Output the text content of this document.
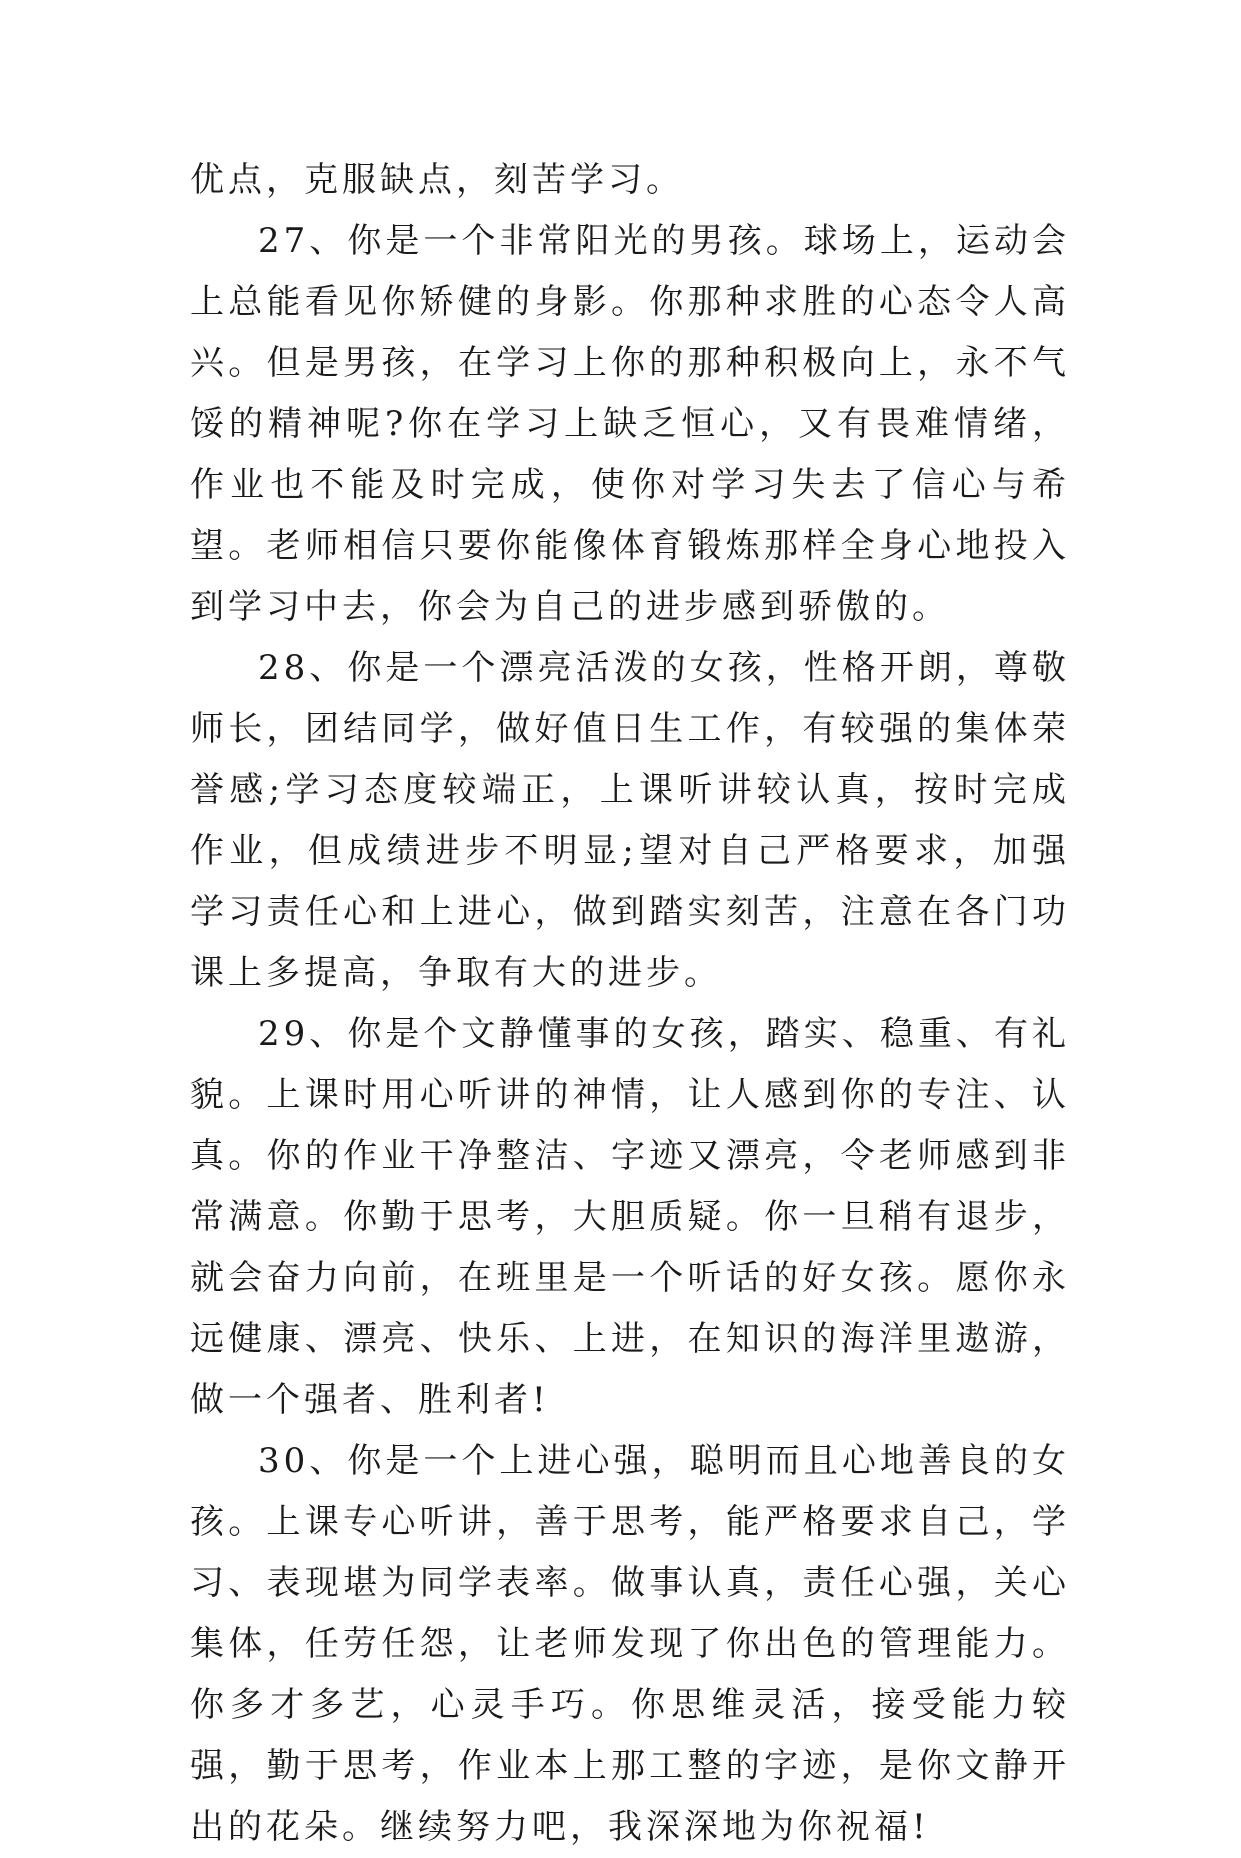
优点，克服缺点，刻苦学习。

27、你是一个非常阳光的男孩。球场上，运动会上总能看见你矫健的身影。你那种求胜的心态令人高兴。但是男孩，在学习上你的那种积极向上，永不气馁的精神呢?你在学习上缺乏恒心，又有畏难情绪，作业也不能及时完成，使你对学习失去了信心与希望。老师相信只要你能像体育锻炼那样全身心地投入到学习中去，你会为自己的进步感到骄傲的。

28、你是一个漂亮活泼的女孩，性格开朗，尊敬师长，团结同学，做好值日生工作，有较强的集体荣誉感;学习态度较端正，上课听讲较认真，按时完成作业，但成绩进步不明显;望对自己严格要求，加强学习责任心和上进心，做到踏实刻苦，注意在各门功课上多提高，争取有大的进步。

29、你是个文静懂事的女孩，踏实、稳重、有礼貌。上课时用心听讲的神情，让人感到你的专注、认真。你的作业干净整洁、字迹又漂亮，令老师感到非常满意。你勤于思考，大胆质疑。你一旦稍有退步，就会奋力向前，在班里是一个听话的好女孩。愿你永远健康、漂亮、快乐、上进，在知识的海洋里遨游，做一个强者、胜利者!

30、你是一个上进心强，聪明而且心地善良的女孩。上课专心听讲，善于思考，能严格要求自己，学习、表现堪为同学表率。做事认真，责任心强，关心集体，任劳任怨，让老师发现了你出色的管理能力。你多才多艺，心灵手巧。你思维灵活，接受能力较强，勤于思考，作业本上那工整的字迹，是你文静开出的花朵。继续努力吧，我深深地为你祝福!
